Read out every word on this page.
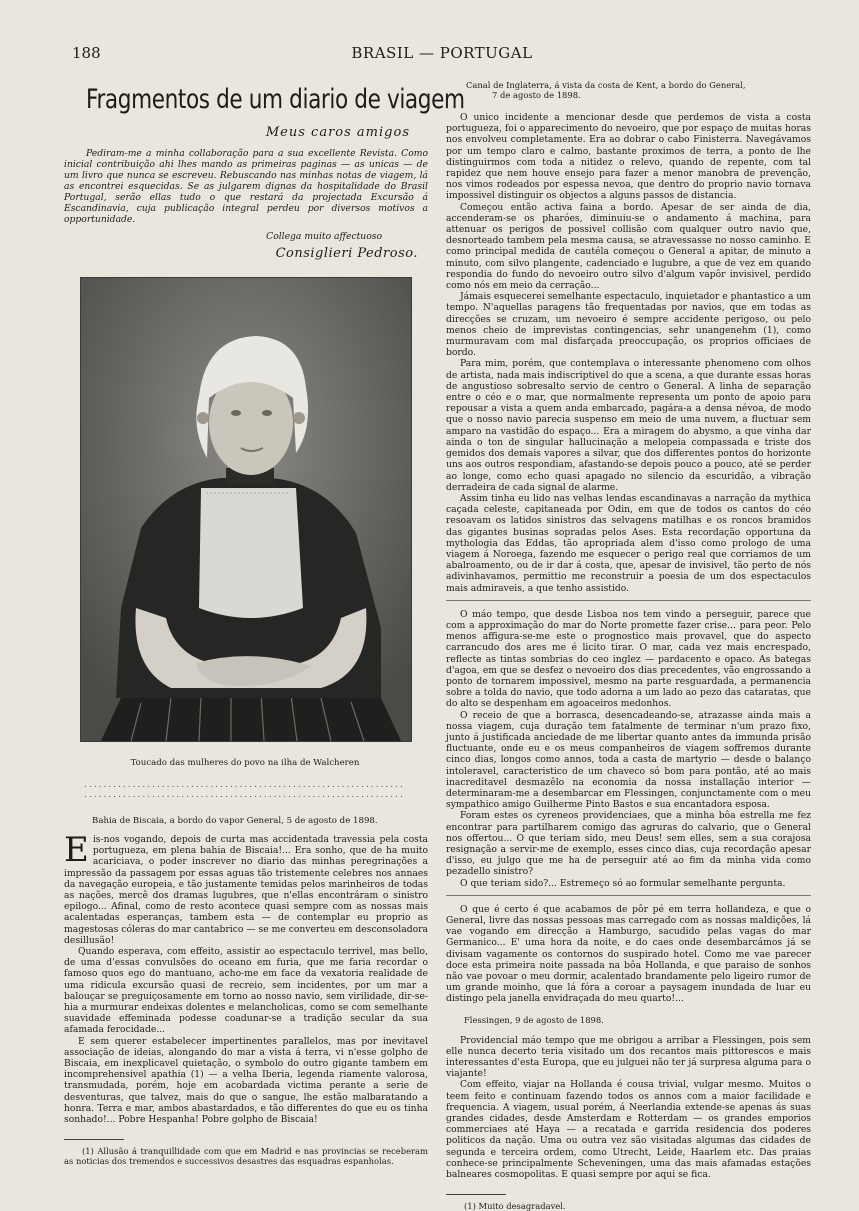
188	BRASIL — PORTUGAL
Fragmentos de um diario de viagem
Meus caros amigos

Pediram-me a minha collaboração para a sua excellente Revista. Como inicial contribuição ahi lhes mando as primeiras paginas — as unicas — de um livro que nunca se escreveu. Rebuscando nas minhas notas de viagem, lá as encontrei esquecidas. Se as julgarem dignas da hospitalidade do Brasil Portugal, serão ellas tudo o que restará da projectada Excursão á Escandinavia, cuja publicação integral perdeu por diversos motivos a opportunidade.

Collega muito affectuoso
Consiglieri Pedroso.
Toucado das mulheres do povo na ilha de Walcheren
..................................................................
..................................................................
Bahia de Biscaia, a bordo do vapor General, 5 de agosto de 1898.

Eis-nos vogando, depois de curta mas accidentada travessia pela costa portugueza, em plena bahia de Biscaia!... Era sonho, que de ha muito acariciava, o poder inscrever no diario das minhas peregrinações a impressão da passagem por essas aguas tão tristemente celebres nos annaes da navegação europeia, e tão justamente temidas pelos marinheiros de todas as nações, mercê dos dramas lugubres, que n'ellas encontráram o sinistro epilogo... Afinal, como de resto acontece quasi sempre com as nossas mais acalentadas esperanças, tambem esta — de contemplar eu proprio as magestosas cóleras do mar cantabrico — se me converteu em desconsoladora desillusão!

Quando esperava, com effeito, assistir ao espectaculo terrivel, mas bello, de uma d'essas convulsões do oceano em furia, que me faria recordar o famoso quos ego do mantuano, acho-me em face da vexatoria realidade de uma ridicula excursão quasi de recreio, sem incidentes, por um mar a balouçar se preguiçosamente em torno ao nosso navio, sem virilidade, dir-se-hia a murmurar endeixas dolentes e melancholicas, como se com semelhante suavidade effeminada podesse coadunar-se a tradição secular da sua afamada ferocidade...

E sem querer estabelecer impertinentes parallelos, mas por inevitavel associação de ideias, alongando do mar a vista á terra, vi n'esse golpho de Biscaia, em inexplicavel quietação, o symbolo do outro gigante tambem em incomprehensivel apathia (1) — a velha Iberia, legenda riamente valorosa, transmudada, porém, hoje em acobardada victima perante a serie de desventuras, que talvez, mais do que o sangue, lhe estão malbaratando a honra. Terra e mar, ambos abastardados, e tão differentes do que eu os tinha sonhado!... Pobre Hespanha! Pobre golpho de Biscaia!

(1) Allusão á tranquillidade com que em Madrid e nas provincias se receberam as noticias dos tremendos e successivos desastres das esquadras espanholas.

Canal de Inglaterra, á vista da costa de Kent, a bordo do General,
7 de agosto de 1898.

O unico incidente a mencionar desde que perdemos de vista a costa portugueza, foi o apparecimento do nevoeiro, que por espaço de muitas horas nos envolveu completamente. Era ao dobrar o cabo Finisterra. Navegávamos por um tempo claro e calmo, bastante proximos de terra, a ponto de lhe distinguirmos com toda a nitidez o relevo, quando de repente, com tal rapidez que nem houve ensejo para fazer a menor manobra de prevenção, nos vimos rodeados por espessa nevoa, que dentro do proprio navio tornava impossivel distinguir os objectos a alguns passos de distancia.

Começou então activa faina a bordo. Apesar de ser ainda de dia, accenderam-se os pharóes, diminuiu-se o andamento á machina, para attenuar os perigos de possivel collisão com qualquer outro navio que, desnorteado tambem pela mesma causa, se atravessasse no nosso caminho. E como principal medida de cautéla começou o General a apitar, de minuto a minuto, com silvo plangente, cadenciado e lugubre, a que de vez em quando respondia do fundo do nevoeiro outro silvo d'algum vapôr invisivel, perdido como nós em meio da cerração...

Jámais esquecerei semelhante espectaculo, inquietador e phantastico a um tempo. N'aquellas paragens tão frequentadas por navios, que em todas as direcções se cruzam, um nevoeiro é sempre accidente perigoso, ou pelo menos cheio de imprevistas contingencias, sehr unangenehm (1), como murmuravam com mal disfarçada preoccupação, os proprios officiaes de bordo.

Para mim, porém, que contemplava o interessante phenomeno com olhos de artista, nada mais indiscriptivel do que a scena, a que durante essas horas de angustioso sobresalto servio de centro o General. A linha de separação entre o céo e o mar, que normalmente representa um ponto de apoio para repousar a vista a quem anda embarcado, pagára-a a densa névoa, de modo que o nosso navio parecia suspenso em meio de uma nuvem, a fluctuar sem amparo na vastidão do espaço... Era a miragem do abysmo, a que vinha dar ainda o ton de singular hallucinação a melopeia compassada e triste dos gemidos dos demais vapores a silvar, que dos differentes pontos do horizonte uns aos outros respondiam, afastando-se depois pouco a pouco, até se perder ao longe, como echo quasi apagado no silencio da escuridão, a vibração derradeira de cada signal de alarme.

Assim tinha eu lido nas velhas lendas escandinavas a narração da mythica caçada celeste, capitaneada por Odin, em que de todos os cantos do céo resoavam os latidos sinistros das selvagens matilhas e os roncos bramidos das gigantes businas sopradas pelos Ases. Esta recordação opportuna da mythologia das Eddas, tão apropriada alem d'isso como prologo de uma viagem á Noroega, fazendo me esquecer o perigo real que corriamos de um abalroamento, ou de ir dar á costa, que, apesar de invisivel, tão perto de nós adivinhavamos, permittio me reconstruir a poesia de um dos espectaculos mais admiraveis, a que tenho assistido.

O máo tempo, que desde Lisboa nos tem vindo a perseguir, parece que com a approximação do mar do Norte promette fazer crise... para peor. Pelo menos affigura-se-me este o prognostico mais provavel, que do aspecto carrancudo dos ares me é licito tirar. O mar, cada vez mais encrespado, reflecte as tintas sombrias do ceo inglez — pardacento e opaco. As bategas d'agoa, em que se desfez o nevoeiro dos dias precedentes, vão engrossando a ponto de tornarem impossivel, mesmo na parte resguardada, a permanencia sobre a tolda do navio, que todo adorna a um lado ao pezo das cataratas, que do alto se despenham em agoaceiros medonhos.

O receio de que a borrasca, desencadeando-se, atrazasse ainda mais a nossa viagem, cuja duração tem fatalmente de terminar n'um prazo fixo, junto á justificada anciedade de me libertar quanto antes da immunda prisão fluctuante, onde eu e os meus companheiros de viagem soffremos durante cinco dias, longos como annos, toda a casta de martyrio — desde o balanço intoleravel, caracteristico de um chaveco só bom para pontão, até ao mais inacreditavel desmazêlo na economia da nossa installação interior — determinaram-me a desembarcar em Flessingen, conjunctamente com o meu sympathico amigo Guilherme Pinto Bastos e sua encantadora esposa.

Foram estes os cyreneos providenciaes, que a minha bôa estrella me fez encontrar para partilharem comigo das agruras do calvario, que o General nos offertou... O que teriam sido, meu Deus! sem elles, sem a sua corajosa resignação a servir-me de exemplo, esses cinco dias, cuja recordação apesar d'isso, eu julgo que me ha de perseguir até ao fim da minha vida como pezadello sinistro?

O que teriam sido?... Estremeço só ao formular semelhante pergunta.

O que é certo é que acabamos de pôr pé em terra hollandeza, e que o General, livre das nossas pessoas mas carregado com as nossas maldições, lá vae vogando em direcção a Hamburgo, sacudido pelas vagas do mar Germanico... E' uma hora da noite, e do caes onde desembarcámos já se divisam vagamente os contornos do suspirado hotel. Como me vae parecer doce esta primeira noite passada na bôa Hollanda, e que paraiso de sonhos não vae povoar o meu dormir, acalentado brandamente pelo ligeiro rumor de um grande moinho, que lá fóra a coroar a paysagem inundada de luar eu distingo pela janella envidraçada do meu quarto!...

Flessingen, 9 de agosto de 1898.

Providencial máo tempo que me obrigou a arribar a Flessingen, pois sem elle nunca decerto teria visitado um dos recantos mais pittorescos e mais interessantes d'esta Europa, que eu julguei não ter já surpresa alguma para o viajante!

Com effeito, viajar na Hollanda é cousa trivial, vulgar mesmo. Muitos o teem feito e continuam fazendo todos os annos com a maior facilidade e frequencia. A viagem, usual porém, á Neerlandia extende-se apenas ás suas grandes cidades, desde Amsterdam e Rotterdam — os grandes emporios commerciaes até Haya — a recatada e garrida residencia dos poderes politicos da nação. Uma ou outra vez são visitadas algumas das cidades de segunda e terceira ordem, como Utrecht, Leide, Haarlem etc. Das praias conhece-se principalmente Scheveningen, uma das mais afamadas estações balneares cosmopolitas. E quasi sempre por aqui se fica.

(1) Muito desagradavel.
